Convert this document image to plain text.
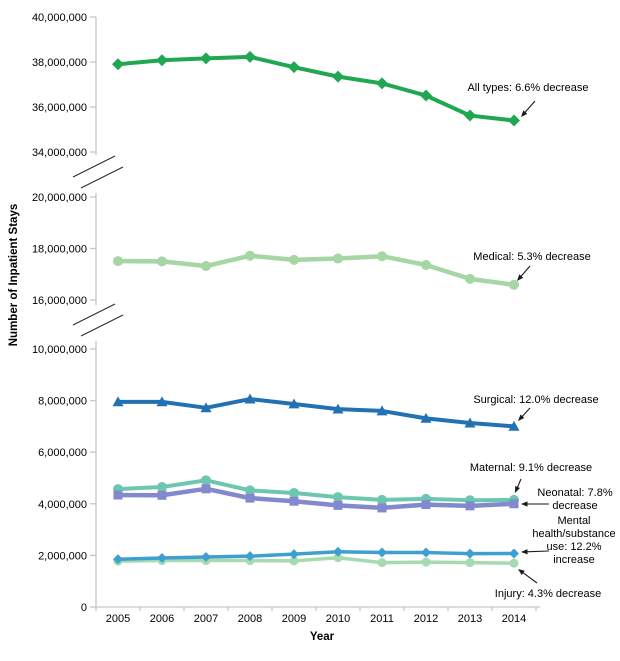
40,000,000
38,000,000
36,000,000
34,000,000
20,000,000
18,000,000
16,000,000
10,000,000
8,000,000
6,000,000
4,000,000
2,000,000
0
2005 2006 2007 2008 2009 2010 2011 2012 2013 2014
Year
Number of Inpatient Stays
All types: 6.6% decrease
Medical: 5.3% decrease
Surgical: 12.0% decrease
Maternal: 9.1% decrease
Neonatal: 7.8%
decrease
Mental
health/substance
use: 12.2%
increase
Injury: 4.3% decrease
